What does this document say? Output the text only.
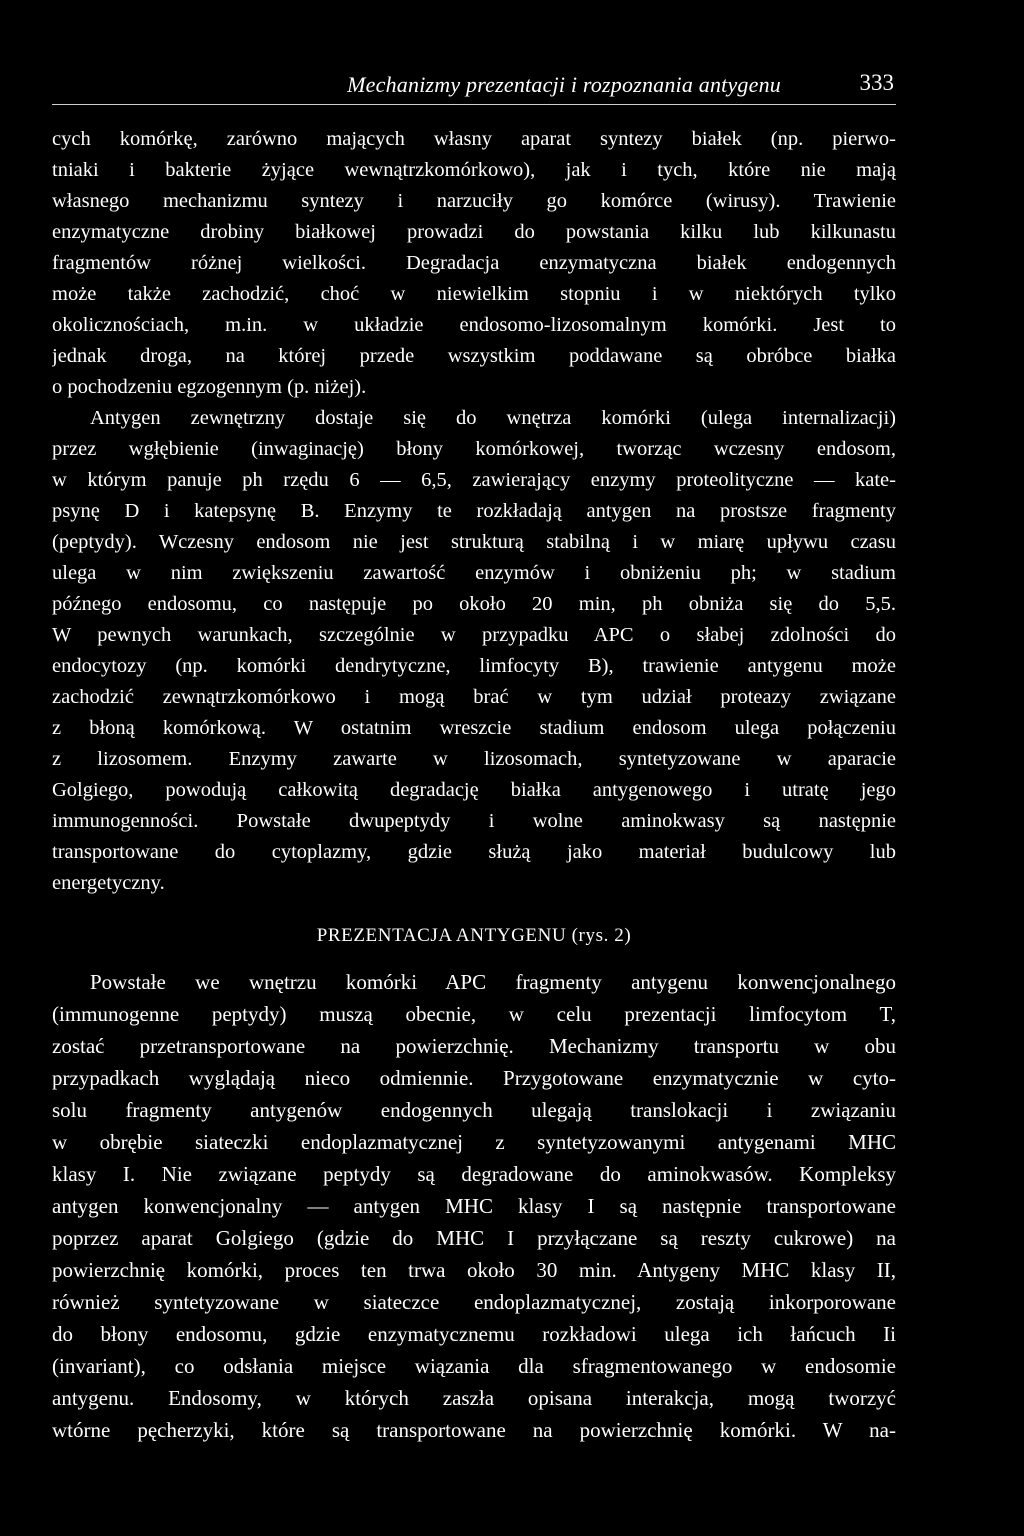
Mechanizmy prezentacji i rozpoznania antygenu	333
cych komórkę, zarówno mających własny aparat syntezy białek (np. pierwo-
tniaki i bakterie żyjące wewnątrzkomórkowo), jak i tych, które nie mają
własnego mechanizmu syntezy i narzuciły go komórce (wirusy). Trawienie
enzymatyczne drobiny białkowej prowadzi do powstania kilku lub kilkunastu
fragmentów różnej wielkości. Degradacja enzymatyczna białek endogennych
może także zachodzić, choć w niewielkim stopniu i w niektórych tylko
okolicznościach, m.in. w układzie endosomo-lizosomalnym komórki. Jest to
jednak droga, na której przede wszystkim poddawane są obróbce białka
o pochodzeniu egzogennym (p. niżej).
Antygen zewnętrzny dostaje się do wnętrza komórki (ulega internalizacji)
przez wgłębienie (inwaginację) błony komórkowej, tworząc wczesny endosom,
w którym panuje ph rzędu 6 — 6,5, zawierający enzymy proteolityczne — kate-
psynę D i katepsynę B. Enzymy te rozkładają antygen na prostsze fragmenty
(peptydy). Wczesny endosom nie jest strukturą stabilną i w miarę upływu czasu
ulega w nim zwiększeniu zawartość enzymów i obniżeniu ph; w stadium
późnego endosomu, co następuje po około 20 min, ph obniża się do 5,5.
W pewnych warunkach, szczególnie w przypadku APC o słabej zdolności do
endocytozy (np. komórki dendrytyczne, limfocyty B), trawienie antygenu może
zachodzić zewnątrzkomórkowo i mogą brać w tym udział proteazy związane
z błoną komórkową. W ostatnim wreszcie stadium endosom ulega połączeniu
z lizosomem. Enzymy zawarte w lizosomach, syntetyzowane w aparacie
Golgiego, powodują całkowitą degradację białka antygenowego i utratę jego
immunogenności. Powstałe dwupeptydy i wolne aminokwasy są następnie
transportowane do cytoplazmy, gdzie służą jako materiał budulcowy lub
energetyczny.
PREZENTACJA ANTYGENU (rys. 2)
Powstałe we wnętrzu komórki APC fragmenty antygenu konwencjonalnego
(immunogenne peptydy) muszą obecnie, w celu prezentacji limfocytom T,
zostać przetransportowane na powierzchnię. Mechanizmy transportu w obu
przypadkach wyglądają nieco odmiennie. Przygotowane enzymatycznie w cyto-
solu fragmenty antygenów endogennych ulegają translokacji i związaniu
w obrębie siateczki endoplazmatycznej z syntetyzowanymi antygenami MHC
klasy I. Nie związane peptydy są degradowane do aminokwasów. Kompleksy
antygen konwencjonalny — antygen MHC klasy I są następnie transportowane
poprzez aparat Golgiego (gdzie do MHC I przyłączane są reszty cukrowe) na
powierzchnię komórki, proces ten trwa około 30 min. Antygeny MHC klasy II,
również syntetyzowane w siateczce endoplazmatycznej, zostają inkorporowane
do błony endosomu, gdzie enzymatycznemu rozkładowi ulega ich łańcuch Ii
(invariant), co odsłania miejsce wiązania dla sfragmentowanego w endosomie
antygenu. Endosomy, w których zaszła opisana interakcja, mogą tworzyć
wtórne pęcherzyki, które są transportowane na powierzchnię komórki. W na-
